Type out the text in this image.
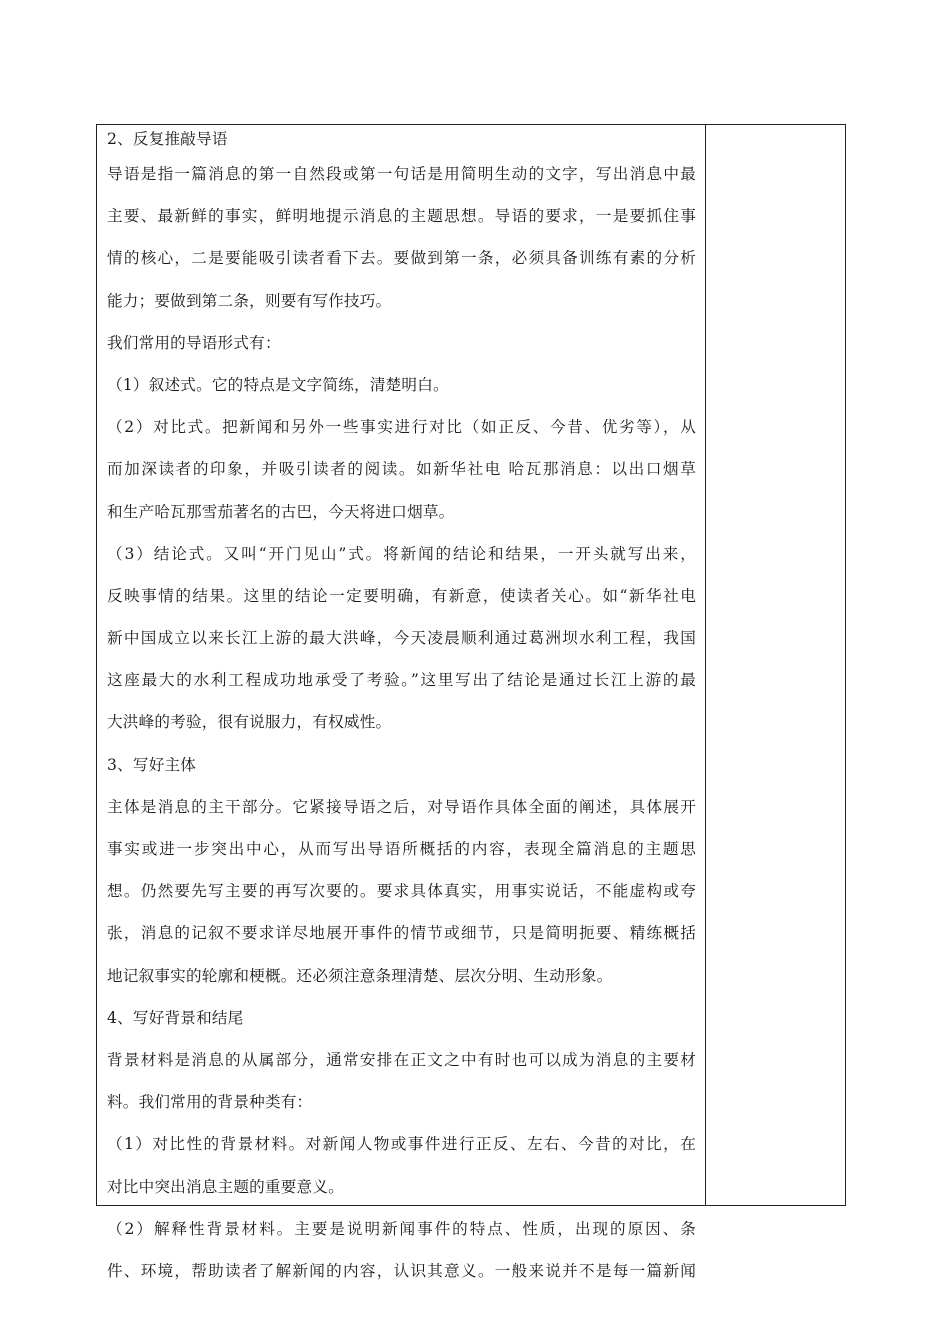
2、反复推敲导语
导语是指一篇消息的第一自然段或第一句话是用简明生动的文字，写出消息中最
主要、最新鲜的事实，鲜明地提示消息的主题思想。导语的要求，一是要抓住事
情的核心，二是要能吸引读者看下去。要做到第一条，必须具备训练有素的分析
能力；要做到第二条，则要有写作技巧。
我们常用的导语形式有：
（1）叙述式。它的特点是文字简练，清楚明白。
（2）对比式。把新闻和另外一些事实进行对比（如正反、今昔、优劣等），从
而加深读者的印象，并吸引读者的阅读。如新华社电 哈瓦那消息：以出口烟草
和生产哈瓦那雪茄著名的古巴，今天将进口烟草。
（3）结论式。又叫“开门见山”式。将新闻的结论和结果，一开头就写出来，
反映事情的结果。这里的结论一定要明确，有新意，使读者关心。如“新华社电
新中国成立以来长江上游的最大洪峰，今天凌晨顺利通过葛洲坝水利工程，我国
这座最大的水利工程成功地承受了考验。”这里写出了结论是通过长江上游的最
大洪峰的考验，很有说服力，有权威性。
3、写好主体
主体是消息的主干部分。它紧接导语之后，对导语作具体全面的阐述，具体展开
事实或进一步突出中心，从而写出导语所概括的内容，表现全篇消息的主题思
想。仍然要先写主要的再写次要的。要求具体真实，用事实说话，不能虚构或夸
张，消息的记叙不要求详尽地展开事件的情节或细节，只是简明扼要、精练概括
地记叙事实的轮廓和梗概。还必须注意条理清楚、层次分明、生动形象。
4、写好背景和结尾
背景材料是消息的从属部分，通常安排在正文之中有时也可以成为消息的主要材
料。我们常用的背景种类有：
（1）对比性的背景材料。对新闻人物或事件进行正反、左右、今昔的对比，在
对比中突出消息主题的重要意义。
（2）解释性背景材料。主要是说明新闻事件的特点、性质，出现的原因、条
件、环境，帮助读者了解新闻的内容，认识其意义。一般来说并不是每一篇新闻
